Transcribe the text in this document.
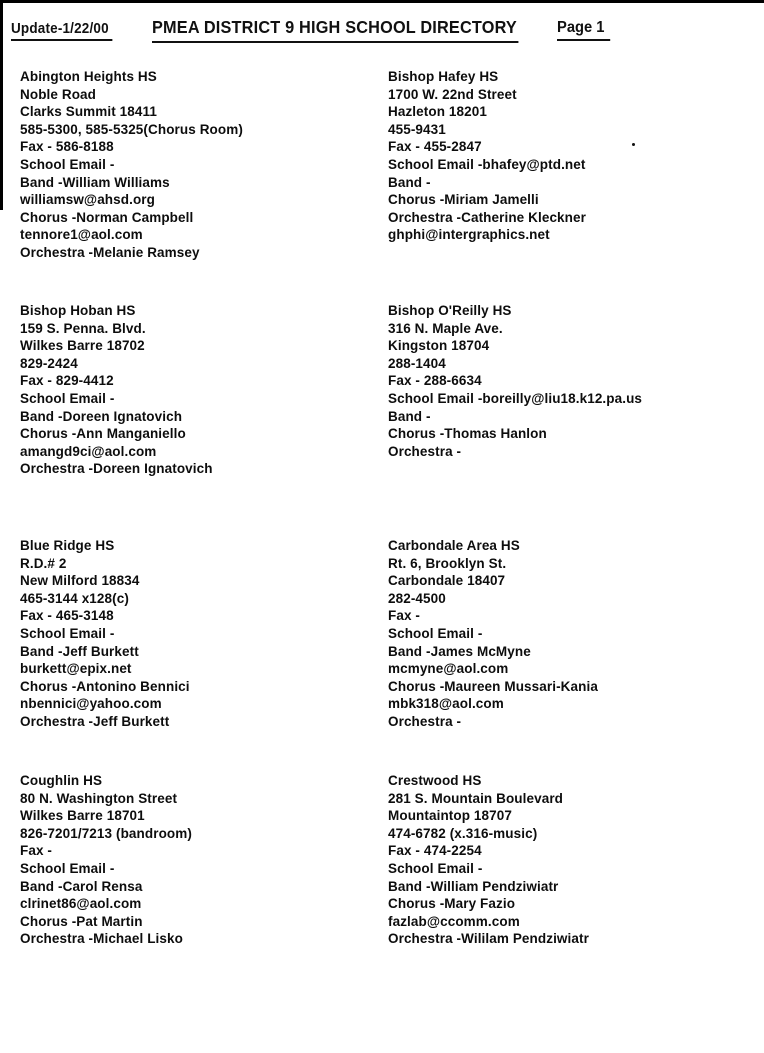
Update-1/22/00 PMEA DISTRICT 9 HIGH SCHOOL DIRECTORY	Page 1
Abington Heights HS
Noble Road
Clarks Summit 18411
585-5300, 585-5325(Chorus Room)
Fax - 586-8188
School Email -
Band -William Williams
williamsw@ahsd.org
Chorus -Norman Campbell
tennore1@aol.com
Orchestra -Melanie Ramsey
Bishop Hafey HS
1700 W. 22nd Street
Hazleton 18201
455-9431
Fax - 455-2847
School Email -bhafey@ptd.net
Band -
Chorus -Miriam Jamelli
Orchestra -Catherine Kleckner
ghphi@intergraphics.net
Bishop Hoban HS
159 S. Penna. Blvd.
Wilkes Barre 18702
829-2424
Fax - 829-4412
School Email -
Band -Doreen Ignatovich
Chorus -Ann Manganiello
amangd9ci@aol.com
Orchestra -Doreen Ignatovich
Bishop O'Reilly HS
316 N. Maple Ave.
Kingston 18704
288-1404
Fax - 288-6634
School Email -boreilly@liu18.k12.pa.us
Band -
Chorus -Thomas Hanlon
Orchestra -
Blue Ridge HS
R.D.# 2
New Milford 18834
465-3144 x128(c)
Fax - 465-3148
School Email -
Band -Jeff Burkett
burkett@epix.net
Chorus -Antonino Bennici
nbennici@yahoo.com
Orchestra -Jeff Burkett
Carbondale Area HS
Rt. 6, Brooklyn St.
Carbondale 18407
282-4500
Fax -
School Email -
Band -James McMyne
mcmyne@aol.com
Chorus -Maureen Mussari-Kania
mbk318@aol.com
Orchestra -
Coughlin HS
80 N. Washington Street
Wilkes Barre 18701
826-7201/7213 (bandroom)
Fax -
School Email -
Band -Carol Rensa
clrinet86@aol.com
Chorus -Pat Martin
Orchestra -Michael Lisko
Crestwood HS
281 S. Mountain Boulevard
Mountaintop 18707
474-6782 (x.316-music)
Fax - 474-2254
School Email -
Band -William Pendziwiatr
Chorus -Mary Fazio
fazlab@ccomm.com
Orchestra -Wililam Pendziwiatr
